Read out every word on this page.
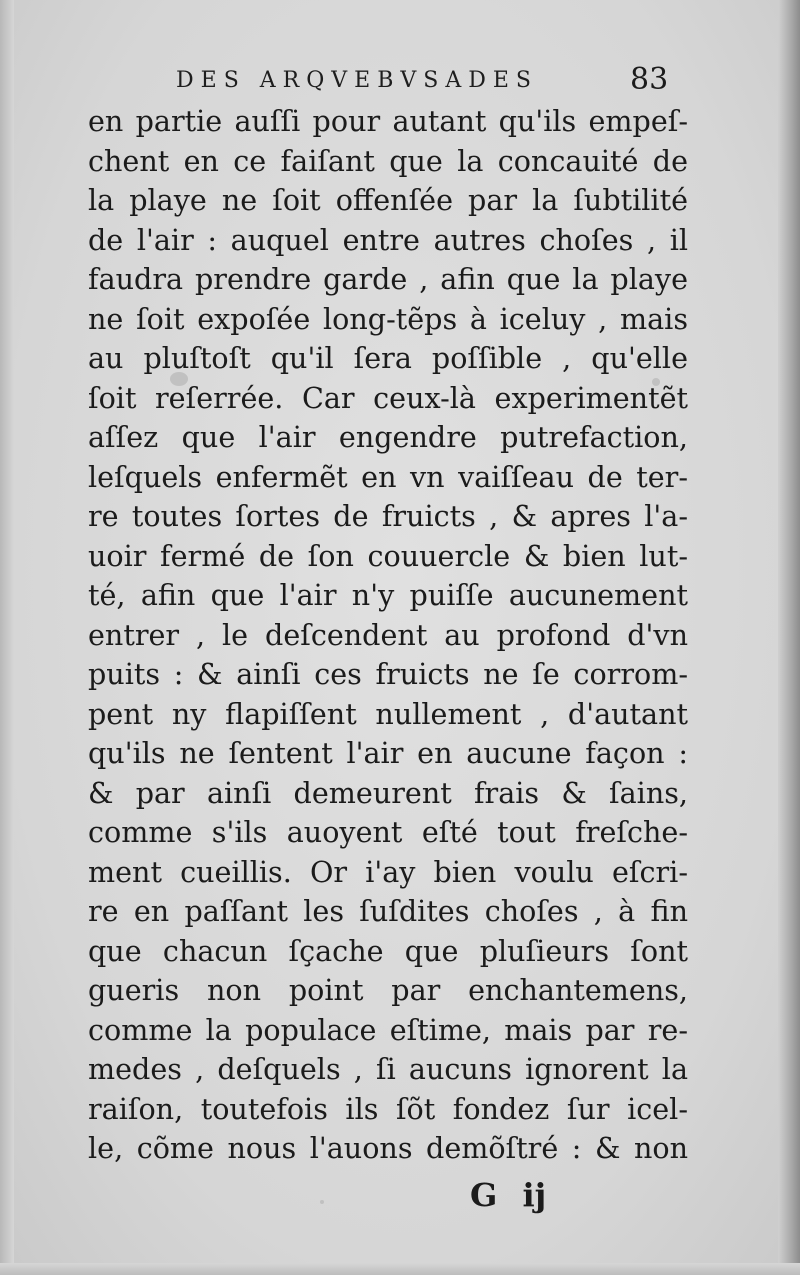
DES ARQVEBVSADES	83
en partie auſſi pour autant qu'ils empeſ-
chent en ce faiſant que la concauité de
la playe ne ſoit offenſée par la ſubtilité
de l'air : auquel entre autres choſes , il
faudra prendre garde , afin que la playe
ne ſoit expoſée long-tẽps à iceluy , mais
au pluſtoſt qu'il ſera poſſible , qu'elle
ſoit reſerrée. Car ceux-là experimentẽt
aſſez que l'air engendre putrefaction,
leſquels enfermẽt en vn vaiſſeau de ter-
re toutes ſortes de fruicts , & apres l'a-
uoir fermé de ſon couuercle & bien lut-
té, afin que l'air n'y puiſſe aucunement
entrer , le deſcendent au profond d'vn
puits : & ainſi ces fruicts ne ſe corrom-
pent ny flapiſſent nullement , d'autant
qu'ils ne ſentent l'air en aucune façon :
& par ainſi demeurent frais & ſains,
comme s'ils auoyent eſté tout freſche-
ment cueillis. Or i'ay bien voulu eſcri-
re en paſſant les ſuſdites choſes , à fin
que chacun ſçache que pluſieurs ſont
gueris non point par enchantemens,
comme la populace eſtime, mais par re-
medes , deſquels , ſi aucuns ignorent la
raiſon, toutefois ils ſõt fondez ſur icel-
le, cõme nous l'auons demõſtré : & non
G ij
